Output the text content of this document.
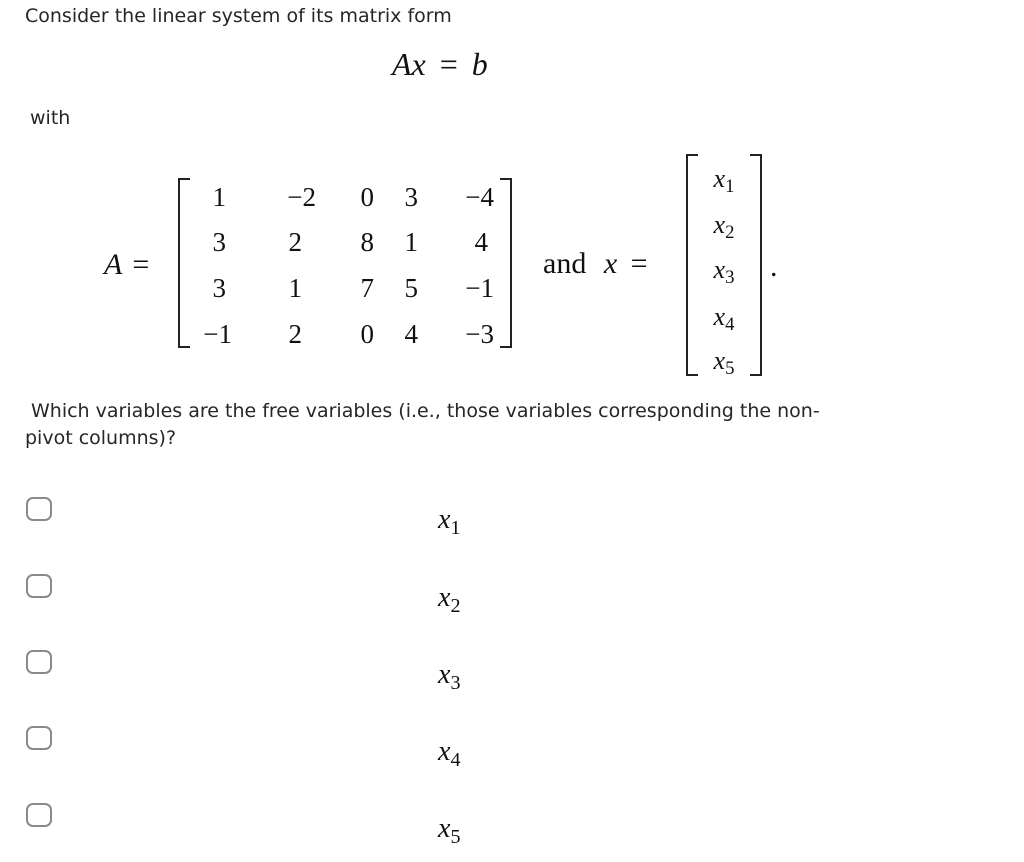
Consider the linear system of its matrix form
Ax = b
with
A =
1	−2	0	3	−4
3	2	8	1	4
3	1	7	5	−1
−1	2	0	4	−3
and x =
$x_1$
$x_2$
$x_3$
$x_4$
$x_5$
.
Which variables are the free variables (i.e., those variables corresponding the non-
pivot columns)?
$x_1$
$x_2$
$x_3$
$x_4$
$x_5$
